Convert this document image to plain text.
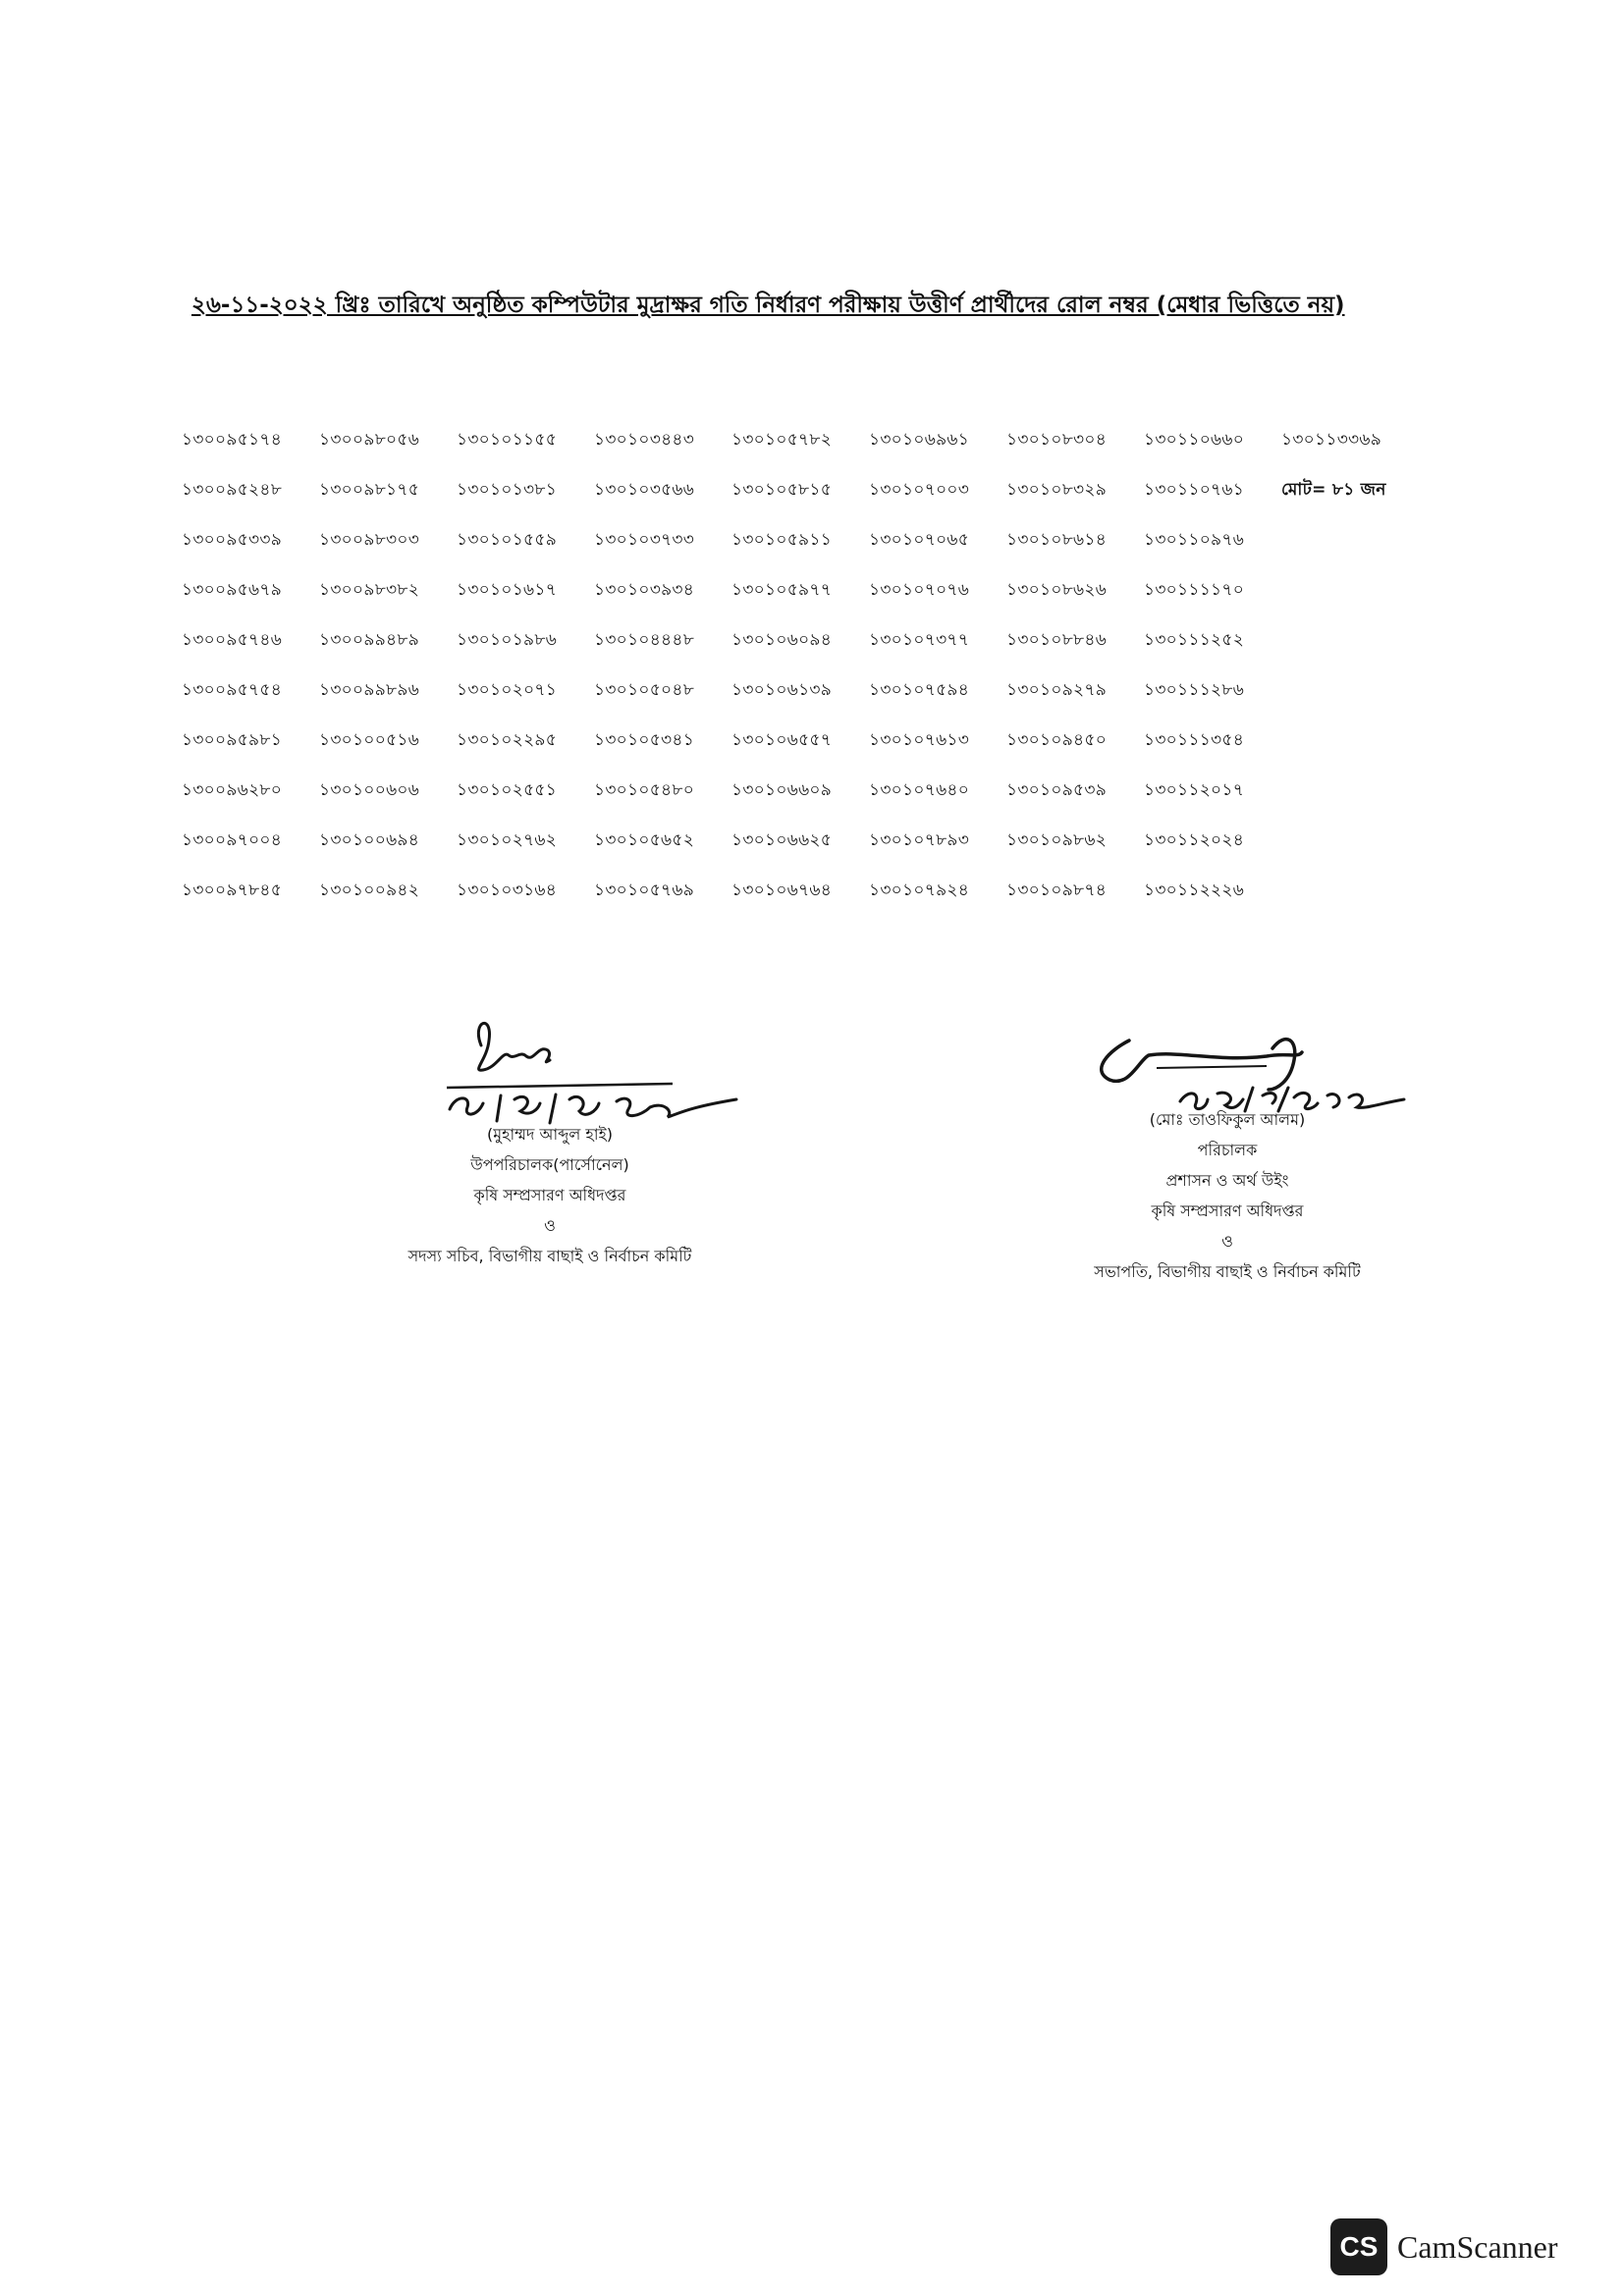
২৬-১১-২০২২ খ্রিঃ তারিখে অনুষ্ঠিত কম্পিউটার মুদ্রাক্ষর গতি নির্ধারণ পরীক্ষায় উত্তীর্ণ প্রার্থীদের রোল নম্বর (মেধার ভিত্তিতে নয়)
১৩০০৯৫১৭৪	১৩০০৯৮০৫৬	১৩০১০১১৫৫	১৩০১০৩৪৪৩	১৩০১০৫৭৮২	১৩০১০৬৯৬১	১৩০১০৮৩০৪	১৩০১১০৬৬০	১৩০১১৩৩৬৯
১৩০০৯৫২৪৮	১৩০০৯৮১৭৫	১৩০১০১৩৮১	১৩০১০৩৫৬৬	১৩০১০৫৮১৫	১৩০১০৭০০৩	১৩০১০৮৩২৯	১৩০১১০৭৬১	মোট= ৮১ জন
১৩০০৯৫৩৩৯	১৩০০৯৮৩০৩	১৩০১০১৫৫৯	১৩০১০৩৭৩৩	১৩০১০৫৯১১	১৩০১০৭০৬৫	১৩০১০৮৬১৪	১৩০১১০৯৭৬
১৩০০৯৫৬৭৯	১৩০০৯৮৩৮২	১৩০১০১৬১৭	১৩০১০৩৯৩৪	১৩০১০৫৯৭৭	১৩০১০৭০৭৬	১৩০১০৮৬২৬	১৩০১১১১৭০
১৩০০৯৫৭৪৬	১৩০০৯৯৪৮৯	১৩০১০১৯৮৬	১৩০১০৪৪৪৮	১৩০১০৬০৯৪	১৩০১০৭৩৭৭	১৩০১০৮৮৪৬	১৩০১১১২৫২
১৩০০৯৫৭৫৪	১৩০০৯৯৮৯৬	১৩০১০২০৭১	১৩০১০৫০৪৮	১৩০১০৬১৩৯	১৩০১০৭৫৯৪	১৩০১০৯২৭৯	১৩০১১১২৮৬
১৩০০৯৫৯৮১	১৩০১০০৫১৬	১৩০১০২২৯৫	১৩০১০৫৩৪১	১৩০১০৬৫৫৭	১৩০১০৭৬১৩	১৩০১০৯৪৫০	১৩০১১১৩৫৪
১৩০০৯৬২৮০	১৩০১০০৬০৬	১৩০১০২৫৫১	১৩০১০৫৪৮০	১৩০১০৬৬০৯	১৩০১০৭৬৪০	১৩০১০৯৫৩৯	১৩০১১২০১৭
১৩০০৯৭০০৪	১৩০১০০৬৯৪	১৩০১০২৭৬২	১৩০১০৫৬৫২	১৩০১০৬৬২৫	১৩০১০৭৮৯৩	১৩০১০৯৮৬২	১৩০১১২০২৪
১৩০০৯৭৮৪৫	১৩০১০০৯৪২	১৩০১০৩১৬৪	১৩০১০৫৭৬৯	১৩০১০৬৭৬৪	১৩০১০৭৯২৪	১৩০১০৯৮৭৪	১৩০১১২২২৬
(মুহাম্মদ আব্দুল হাই)
উপপরিচালক(পার্সোনেল)
কৃষি সম্প্রসারণ অধিদপ্তর
ও
সদস্য সচিব, বিভাগীয় বাছাই ও নির্বাচন কমিটি
(মোঃ তাওফিকুল আলম)
পরিচালক
প্রশাসন ও অর্থ উইং
কৃষি সম্প্রসারণ অধিদপ্তর
ও
সভাপতি, বিভাগীয় বাছাই ও নির্বাচন কমিটি
CS CamScanner
